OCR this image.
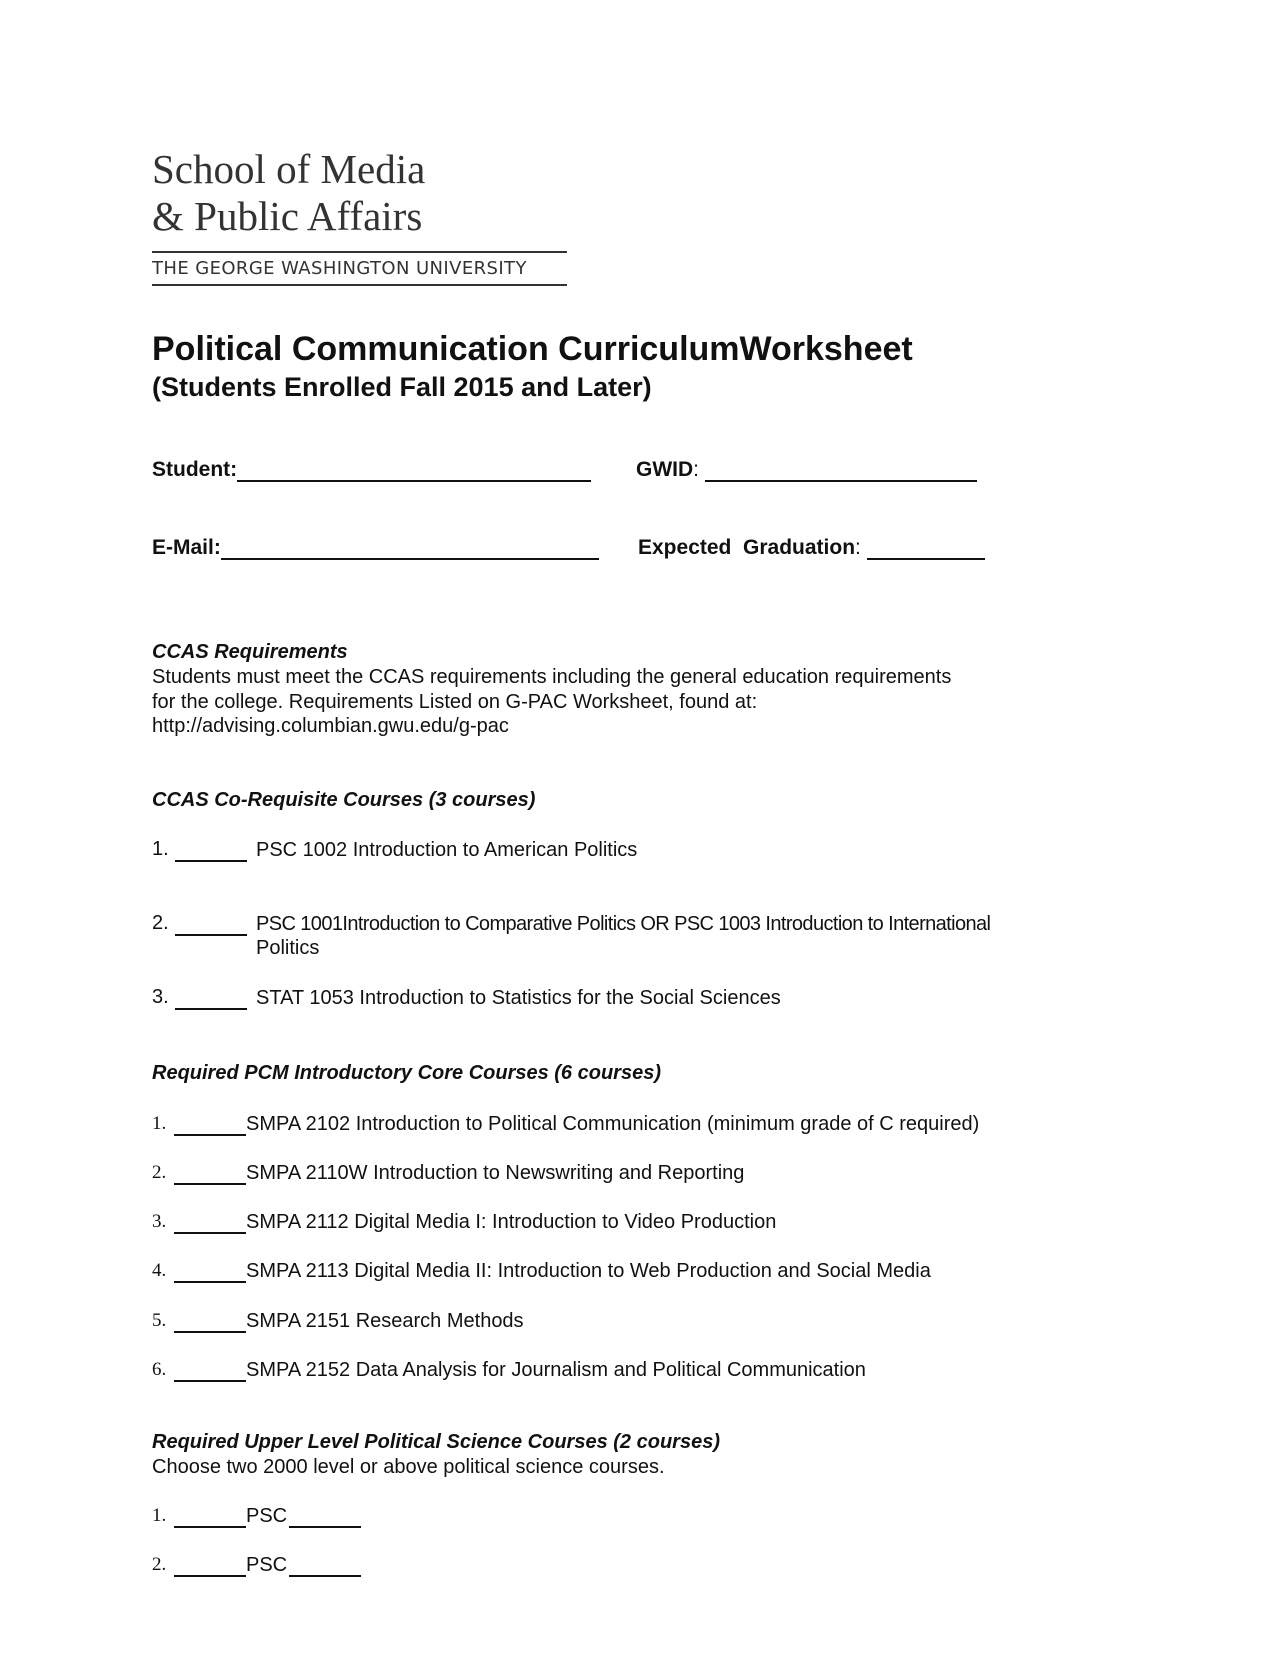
School of Media
& Public Affairs
THE GEORGE WASHINGTON UNIVERSITY
Political Communication CurriculumWorksheet
(Students Enrolled Fall 2015 and Later)
Student:	GWID:
E-Mail:	Expected  Graduation:
CCAS Requirements
Students must meet the CCAS requirements including the general education requirements
for the college. Requirements Listed on G-PAC Worksheet, found at:
http://advising.columbian.gwu.edu/g-pac
CCAS Co-Requisite Courses (3 courses)
1.	PSC 1002 Introduction to American Politics
2.	PSC 1001Introduction to Comparative Politics OR PSC 1003 Introduction to International
Politics
3.	STAT 1053 Introduction to Statistics for the Social Sciences
Required PCM Introductory Core Courses (6 courses)
1.	SMPA 2102 Introduction to Political Communication (minimum grade of C required)
2.	SMPA 2110W Introduction to Newswriting and Reporting
3.	SMPA 2112 Digital Media I: Introduction to Video Production
4.	SMPA 2113 Digital Media II: Introduction to Web Production and Social Media
5.	SMPA 2151 Research Methods
6.	SMPA 2152 Data Analysis for Journalism and Political Communication
Required Upper Level Political Science Courses (2 courses)
Choose two 2000 level or above political science courses.
1.	PSC
2.	PSC
